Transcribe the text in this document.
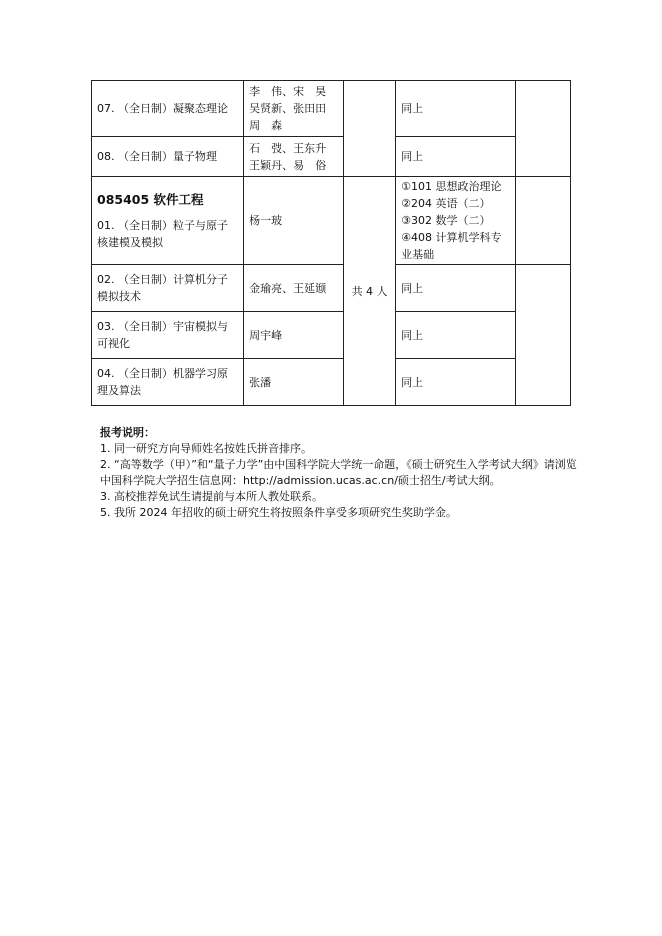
07. （全日制）凝聚态理论	李　伟、宋　昊
吴贤新、张田田
周　森		同上	
08. （全日制）量子物理	石　弢、王东升
王颖丹、易　俗		同上	

085405 软件工程
01. （全日制）粒子与原子核建模及模拟	杨一玻	共 4 人	①101 思想政治理论
②204 英语（二）
③302 数学（二）
④408 计算机学科专业基础	

02. （全日制）计算机分子模拟技术	金瑜亮、王延颋		同上	
03. （全日制）宇宙模拟与可视化	周宇峰		同上	
04. （全日制）机器学习原理及算法	张潘		同上	
报考说明：
1. 同一研究方向导师姓名按姓氏拼音排序。
2. “高等数学（甲）”和“量子力学”由中国科学院大学统一命题，《硕士研究生入学考试大纲》请浏览中国科学院大学招生信息网：http://admission.ucas.ac.cn/硕士招生/考试大纲。
3. 高校推荐免试生请提前与本所人教处联系。
5. 我所 2024 年招收的硕士研究生将按照条件享受多项研究生奖助学金。
